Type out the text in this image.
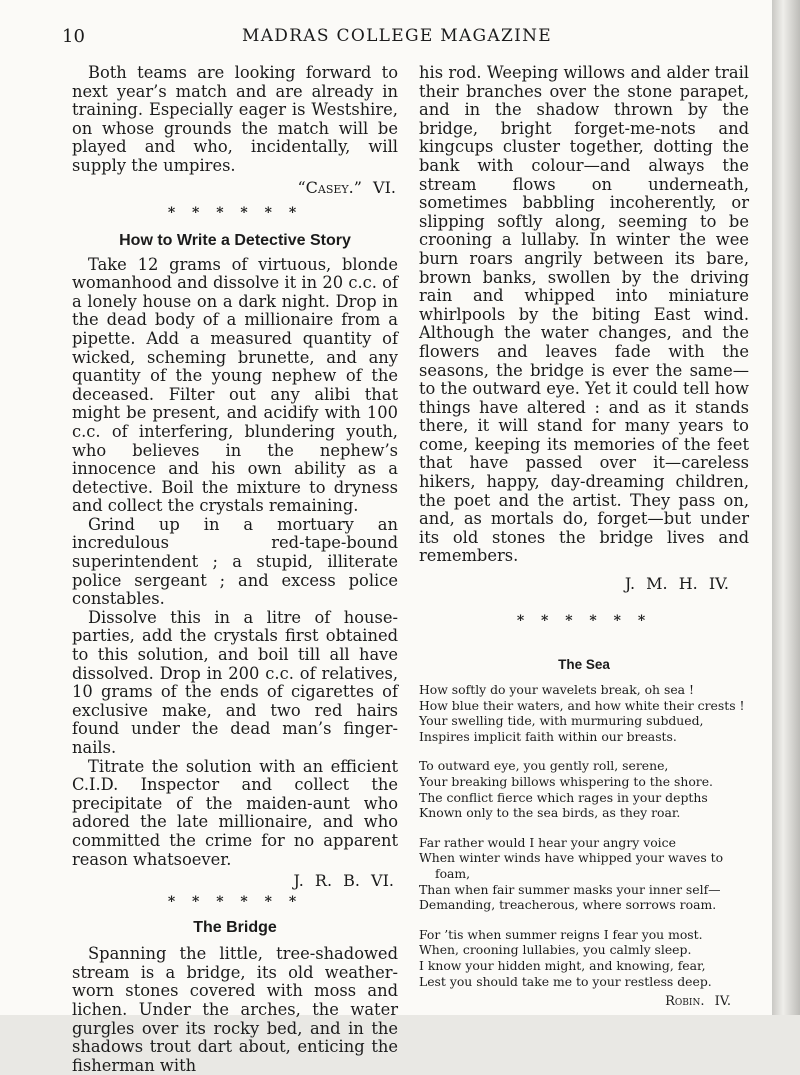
10	MADRAS COLLEGE MAGAZINE

Both teams are looking forward to next year’s match and are already in training. Especially eager is Westshire, on whose grounds the match will be played and who, incidentally, will supply the umpires.

“Casey.” VI.
* * * * * *
How to Write a Detective Story

Take 12 grams of virtuous, blonde womanhood and dissolve it in 20 c.c. of a lonely house on a dark night. Drop in the dead body of a millionaire from a pipette. Add a measured quantity of wicked, scheming brunette, and any quantity of the young nephew of the deceased. Filter out any alibi that might be present, and acidify with 100 c.c. of interfering, blundering youth, who believes in the nephew’s innocence and his own ability as a detective. Boil the mixture to dryness and collect the crystals remaining.

Grind up in a mortuary an incredulous red-tape-bound superintendent ; a stupid, illiterate police sergeant ; and excess police constables.

Dissolve this in a litre of house-parties, add the crystals first obtained to this solution, and boil till all have dissolved. Drop in 200 c.c. of relatives, 10 grams of the ends of cigarettes of exclusive make, and two red hairs found under the dead man’s finger-nails.

Titrate the solution with an efficient C.I.D. Inspector and collect the precipitate of the maiden-aunt who adored the late millionaire, and who committed the crime for no apparent reason whatsoever.

J. R. B. VI.
* * * * * *
The Bridge

Spanning the little, tree-shadowed stream is a bridge, its old weather-worn stones covered with moss and lichen. Under the arches, the water gurgles over its rocky bed, and in the shadows trout dart about, enticing the fisherman with

his rod. Weeping willows and alder trail their branches over the stone parapet, and in the shadow thrown by the bridge, bright forget-me-nots and kingcups cluster together, dotting the bank with colour—and always the stream flows on underneath, sometimes babbling incoherently, or slipping softly along, seeming to be crooning a lullaby. In winter the wee burn roars angrily between its bare, brown banks, swollen by the driving rain and whipped into miniature whirlpools by the biting East wind. Although the water changes, and the flowers and leaves fade with the seasons, the bridge is ever the same—to the outward eye. Yet it could tell how things have altered : and as it stands there, it will stand for many years to come, keeping its memories of the feet that have passed over it—careless hikers, happy, day-dreaming children, the poet and the artist. They pass on, and, as mortals do, forget—but under its old stones the bridge lives and remembers.

J. M. H. IV.
* * * * * *
The Sea
How softly do your wavelets break, oh sea !
How blue their waters, and how white their crests !
Your swelling tide, with murmuring subdued,
Inspires implicit faith within our breasts.
To outward eye, you gently roll, serene,
Your breaking billows whispering to the shore.
The conflict fierce which rages in your depths
Known only to the sea birds, as they roar.
Far rather would I hear your angry voice
When winter winds have whipped your waves to foam,
Than when fair summer masks your inner self—
Demanding, treacherous, where sorrows roam.
For ’tis when summer reigns I fear you most.
When, crooning lullabies, you calmly sleep.
I know your hidden might, and knowing, fear,
Lest you should take me to your restless deep.
Robin. IV.
